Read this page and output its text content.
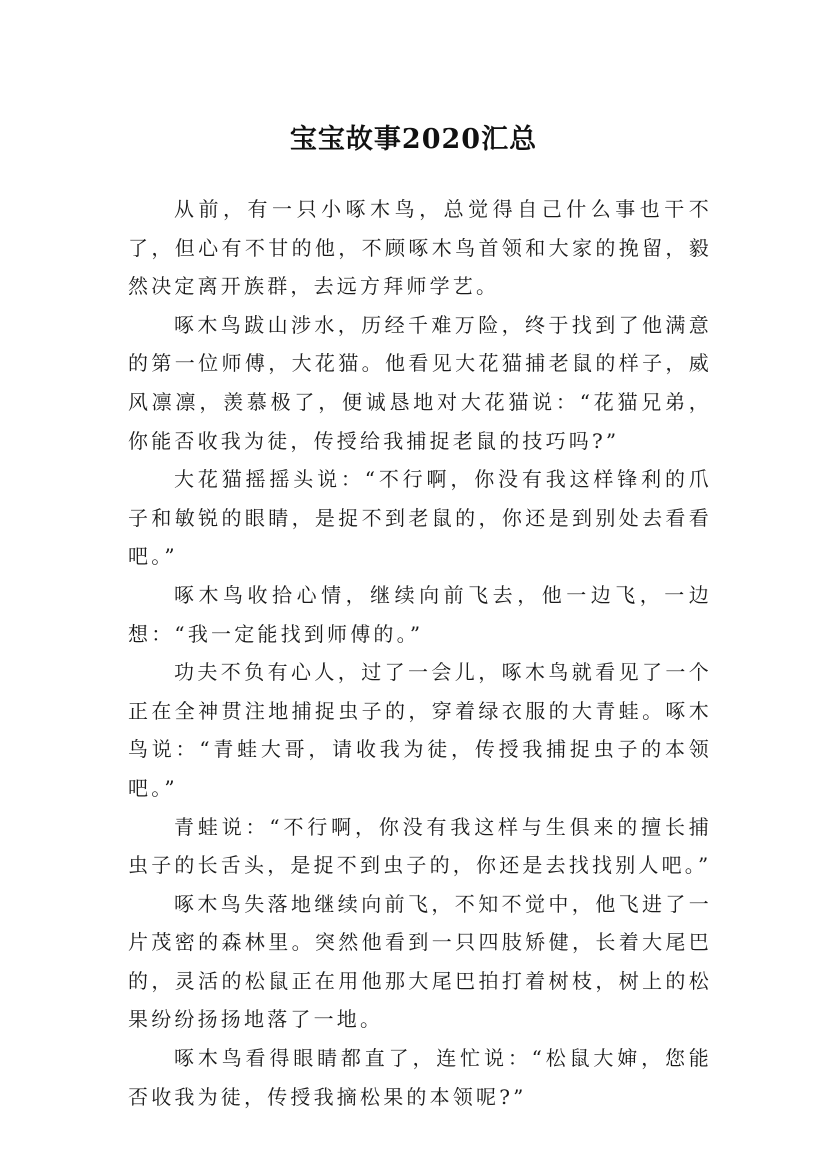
宝宝故事2020汇总

从前，有一只小啄木鸟，总觉得自己什么事也干不了，但心有不甘的他，不顾啄木鸟首领和大家的挽留，毅然决定离开族群，去远方拜师学艺。

啄木鸟跋山涉水，历经千难万险，终于找到了他满意的第一位师傅，大花猫。他看见大花猫捕老鼠的样子，威风凛凛，羡慕极了，便诚恳地对大花猫说：“花猫兄弟，你能否收我为徒，传授给我捕捉老鼠的技巧吗?”

大花猫摇摇头说：“不行啊，你没有我这样锋利的爪子和敏锐的眼睛，是捉不到老鼠的，你还是到别处去看看吧。”

啄木鸟收拾心情，继续向前飞去，他一边飞，一边想：“我一定能找到师傅的。”

功夫不负有心人，过了一会儿，啄木鸟就看见了一个正在全神贯注地捕捉虫子的，穿着绿衣服的大青蛙。啄木鸟说：“青蛙大哥，请收我为徒，传授我捕捉虫子的本领吧。”

青蛙说：“不行啊，你没有我这样与生俱来的擅长捕虫子的长舌头，是捉不到虫子的，你还是去找找别人吧。”

啄木鸟失落地继续向前飞，不知不觉中，他飞进了一片茂密的森林里。突然他看到一只四肢矫健，长着大尾巴的，灵活的松鼠正在用他那大尾巴拍打着树枝，树上的松果纷纷扬扬地落了一地。

啄木鸟看得眼睛都直了，连忙说：“松鼠大婶，您能否收我为徒，传授我摘松果的本领呢?”
